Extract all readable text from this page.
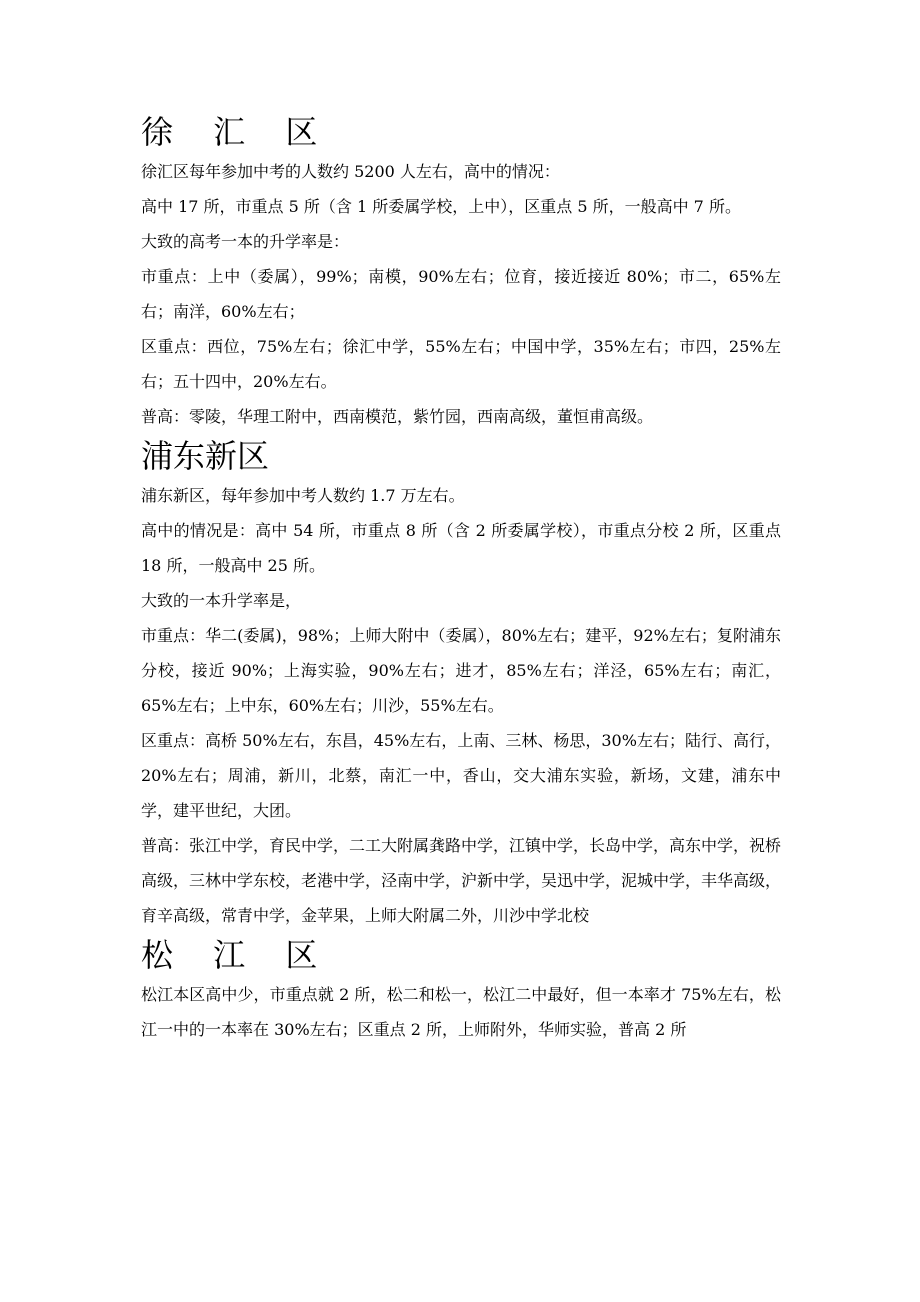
徐 汇 区

徐汇区每年参加中考的人数约 5200 人左右，高中的情况：

高中 17 所，市重点 5 所（含 1 所委属学校，上中），区重点 5 所，一般高中 7 所。

大致的高考一本的升学率是：

市重点：上中（委属），99%；南模，90%左右；位育，接近接近 80%；市二，65%左右；南洋，60%左右；

区重点：西位，75%左右；徐汇中学，55%左右；中国中学，35%左右；市四，25%左右；五十四中，20%左右。

普高：零陵，华理工附中，西南模范，紫竹园，西南高级，董恒甫高级。

浦东新区

浦东新区，每年参加中考人数约 1.7 万左右。

高中的情况是：高中 54 所，市重点 8 所（含 2 所委属学校），市重点分校 2 所，区重点 18 所，一般高中 25 所。

大致的一本升学率是，

市重点：华二(委属)，98%；上师大附中（委属），80%左右；建平，92%左右；复附浦东分校，接近 90%；上海实验，90%左右；进才，85%左右；洋泾，65%左右；南汇，65%左右；上中东，60%左右；川沙，55%左右。

区重点：高桥 50%左右，东昌，45%左右，上南、三林、杨思，30%左右；陆行、高行，20%左右；周浦，新川，北蔡，南汇一中，香山，交大浦东实验，新场，文建，浦东中学，建平世纪，大团。

普高：张江中学，育民中学，二工大附属龚路中学，江镇中学，长岛中学，高东中学，祝桥高级，三林中学东校，老港中学，泾南中学，沪新中学，吴迅中学，泥城中学，丰华高级，育辛高级，常青中学，金苹果，上师大附属二外，川沙中学北校

松 江 区

松江本区高中少，市重点就 2 所，松二和松一，松江二中最好，但一本率才 75%左右，松江一中的一本率在 30%左右；区重点 2 所，上师附外，华师实验，普高 2 所
